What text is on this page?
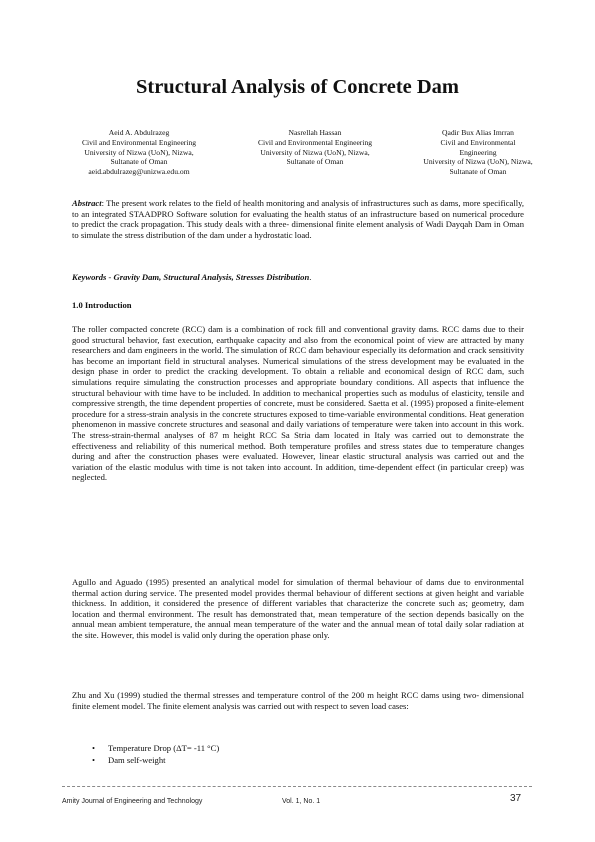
Structural Analysis of Concrete Dam
Aeid A. Abdulrazeg
Civil and Environmental Engineering
University of Nizwa (UoN), Nizwa,
Sultanate of Oman
aeid.abdulrazeg@unizwa.edu.om
Nasrellah Hassan
Civil and Environmental Engineering
University of Nizwa (UoN), Nizwa,
Sultanate of Oman
Qadir Bux Alias Imrran
Civil and Environmental
Engineering
University of Nizwa (UoN), Nizwa,
Sultanate of Oman

Abstract: The present work relates to the field of health monitoring and analysis of infrastructures such as dams, more specifically, to an integrated STAADPRO Software solution for evaluating the health status of an infrastructure based on numerical procedure to predict the crack propagation. This study deals with a three- dimensional finite element analysis of Wadi Dayqah Dam in Oman to simulate the stress distribution of the dam under a hydrostatic load.

Keywords - Gravity Dam, Structural Analysis, Stresses Distribution.

1.0 Introduction

The roller compacted concrete (RCC) dam is a combination of rock fill and conventional gravity dams. RCC dams due to their good structural behavior, fast execution, earthquake capacity and also from the economical point of view are attracted by many researchers and dam engineers in the world. The simulation of RCC dam behaviour especially its deformation and crack sensitivity has become an important field in structural analyses. Numerical simulations of the stress development may be evaluated in the design phase in order to predict the cracking development. To obtain a reliable and economical design of RCC dam, such simulations require simulating the construction processes and appropriate boundary conditions. All aspects that influence the structural behaviour with time have to be included. In addition to mechanical properties such as modulus of elasticity, tensile and compressive strength, the time dependent properties of concrete, must be considered. Saetta et al. (1995) proposed a finite-element procedure for a stress-strain analysis in the concrete structures exposed to time-variable environmental conditions. Heat generation phenomenon in massive concrete structures and seasonal and daily variations of temperature were taken into account in this work. The stress-strain-thermal analyses of 87 m height RCC Sa Stria dam located in Italy was carried out to demonstrate the effectiveness and reliability of this numerical method. Both temperature profiles and stress states due to temperature changes during and after the construction phases were evaluated. However, linear elastic structural analysis was carried out and the variation of the elastic modulus with time is not taken into account. In addition, time-dependent effect (in particular creep) was neglected.

Agullo and Aguado (1995) presented an analytical model for simulation of thermal behaviour of dams due to environmental thermal action during service. The presented model provides thermal behaviour of different sections at given height and variable thickness. In addition, it considered the presence of different variables that characterize the concrete such as; geometry, dam location and thermal environment. The result has demonstrated that, mean temperature of the section depends basically on the annual mean ambient temperature, the annual mean temperature of the water and the annual mean of total daily solar radiation at the site. However, this model is valid only during the operation phase only.

Zhu and Xu (1999) studied the thermal stresses and temperature control of the 200 m height RCC dams using two- dimensional finite element model. The finite element analysis was carried out with respect to seven load cases:

• Temperature Drop (ΔT= -11 °C)
• Dam self-weight
Amity Journal of Engineering and Technology	Vol. 1, No. 1	37
